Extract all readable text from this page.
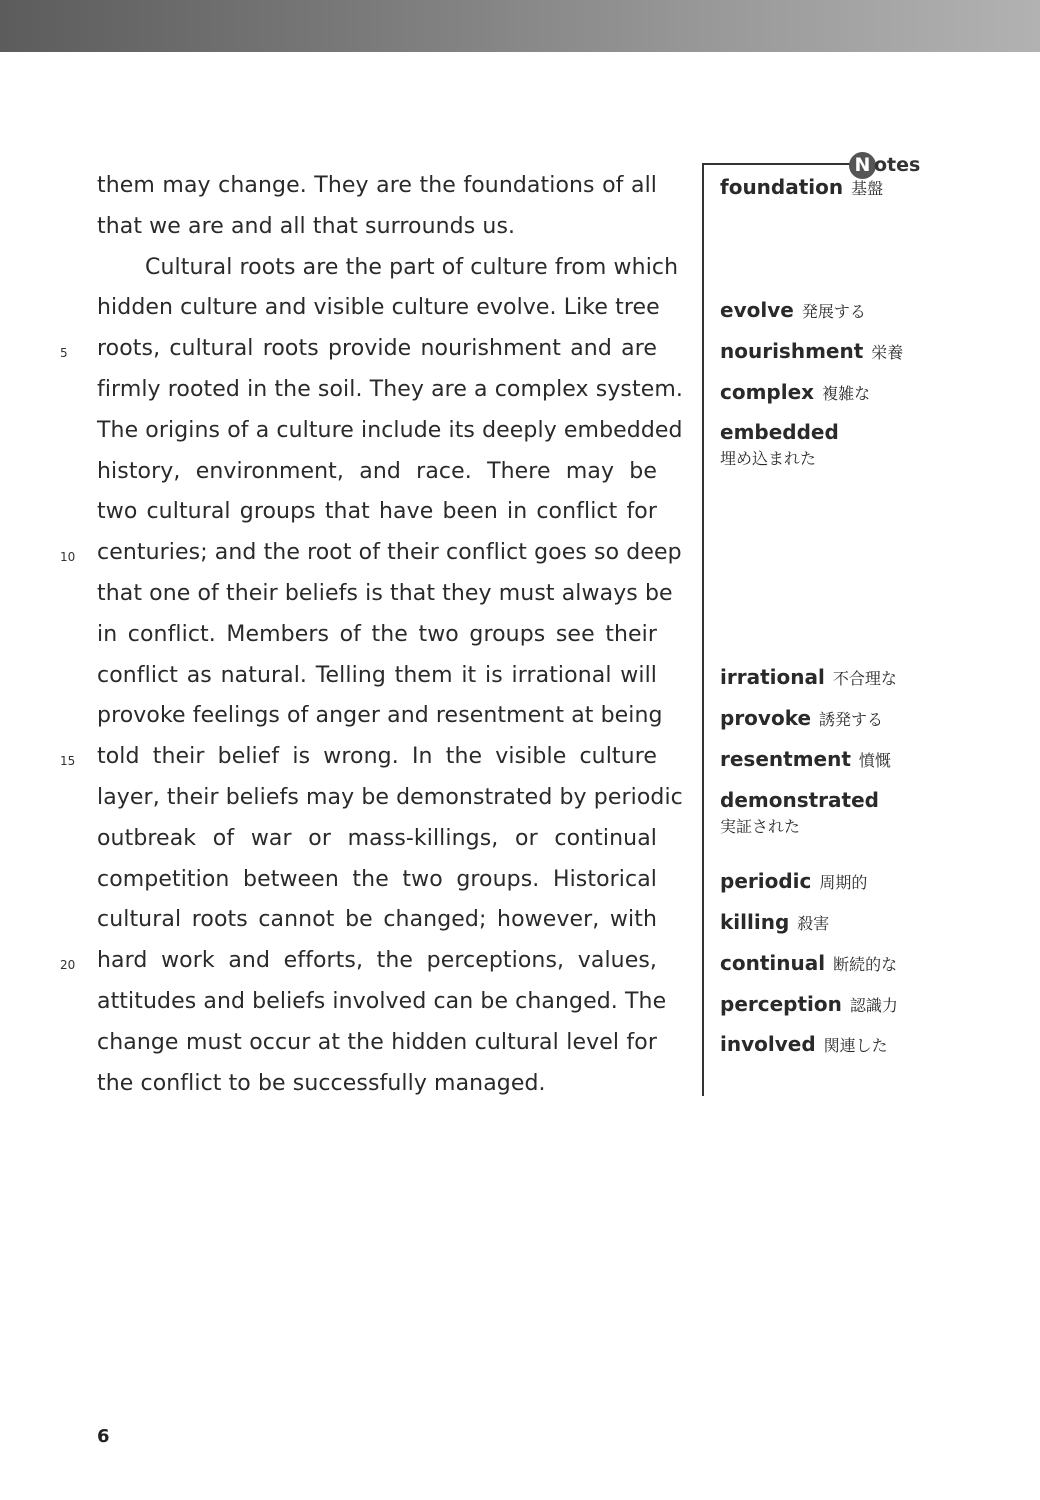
them may change. They are the foundations of all
that we are and all that surrounds us.
Cultural roots are the part of culture from which
hidden culture and visible culture evolve. Like tree
roots, cultural roots provide nourishment and are
firmly rooted in the soil. They are a complex system.
The origins of a culture include its deeply embedded
history, environment, and race. There may be
two cultural groups that have been in conflict for
centuries; and the root of their conflict goes so deep
that one of their beliefs is that they must always be
in conflict. Members of the two groups see their
conflict as natural. Telling them it is irrational will
provoke feelings of anger and resentment at being
told their belief is wrong. In the visible culture
layer, their beliefs may be demonstrated by periodic
outbreak of war or mass-killings, or continual
competition between the two groups. Historical
cultural roots cannot be changed; however, with
hard work and efforts, the perceptions, values,
attitudes and beliefs involved can be changed. The
change must occur at the hidden cultural level for
the conflict to be successfully managed.
5
10
15
20
N otes
foundation 基盤
evolve 発展する
nourishment 栄養
complex 複雑な
embedded
埋め込まれた
irrational 不合理な
provoke 誘発する
resentment 憤慨
demonstrated
実証された
periodic 周期的
killing 殺害
continual 断続的な
perception 認識力
involved 関連した
6
